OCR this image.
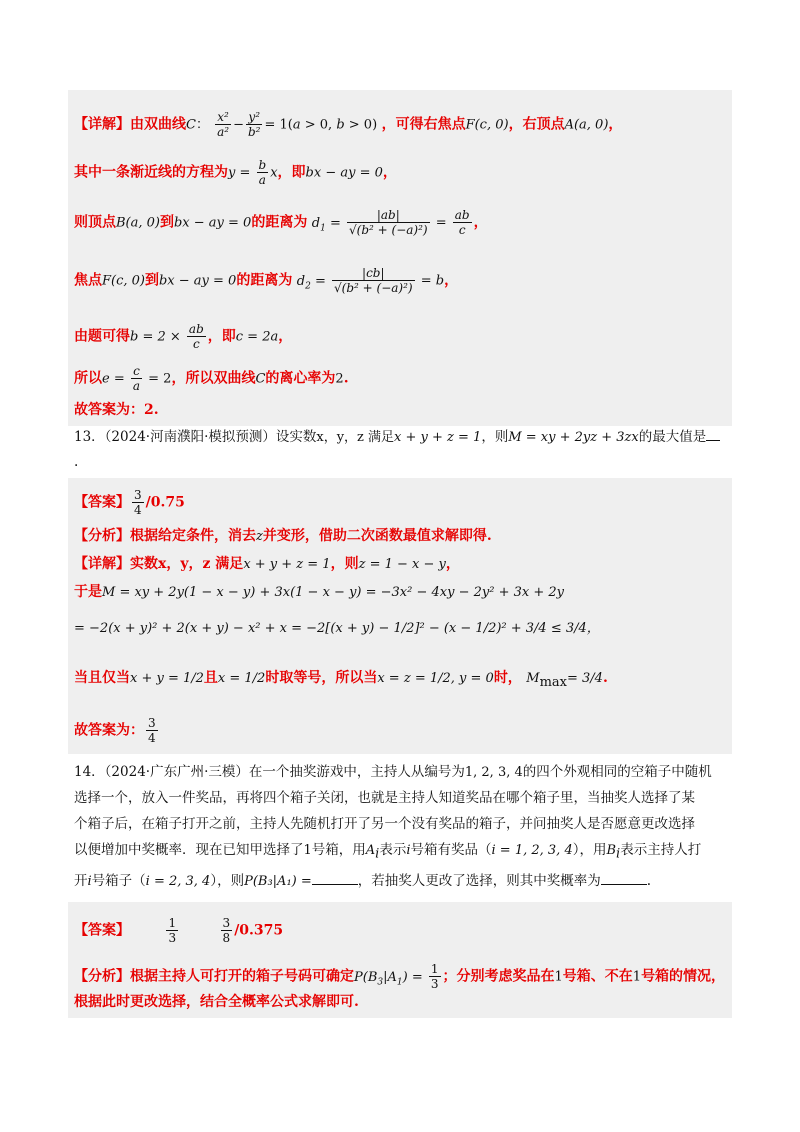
【详解】由双曲线C： $\frac{\text{x²}}{\text{a²}} - \frac{\text{y²}}{\text{b²}} = 1(a > 0$, b > 0) ，可得右焦点F(c, 0)，右顶点A(a, 0)，
其中一条渐近线的方程为$y = \frac{b}{a}$ x，即bx − ay = 0，
则顶点B(a, 0)到bx − ay = 0的距离为 $d_1 = \frac{|ab|}{\text{√(b² + (−a)²)}} = \frac{ab}{c}$ ，
焦点F(c, 0)到bx − ay = 0的距离为 $d_2 = \frac{|cb|}{\text{√(b² + (−a)²)}} = b$，
由题可得$b = 2 \times \frac{ab}{c}$ ，即c = 2a，
所以$e = \frac{c}{a} = 2$，所以双曲线C的离心率为2.
故答案为：2.
13．（2024·河南濮阳·模拟预测）设实数x，y，z 满足x + y + z = 1，则M = xy + 2yz + 3zx的最大值是
.
【答案】 $\frac{3}{4} /0.75$
【分析】根据给定条件，消去z并变形，借助二次函数最值求解即得.
【详解】实数x，y，z 满足x + y + z = 1，则z = 1 − x − y，
于是M = xy + 2y(1 − x − y) + 3x(1 − x − y) = −3x² − 4xy − 2y² + 3x + 2y
= −2(x + y)² + 2(x + y) − x² + x = −2[(x + y) − 1/2]² − (x − 1/2)² + 3/4 ≤ 3/4，
当且仅当x + y = 1/2且x = 1/2时取等号，所以当x = z = 1/2, y = 0时， $M_{max}= 3/4$.
故答案为： $\frac{3}{4}$
14．（2024·广东广州·三模）在一个抽奖游戏中，主持人从编号为1, 2, 3, 4的四个外观相同的空箱子中随机
选择一个，放入一件奖品，再将四个箱子关闭，也就是主持人知道奖品在哪个箱子里，当抽奖人选择了某
个箱子后，在箱子打开之前，主持人先随机打开了另一个没有奖品的箱子，并问抽奖人是否愿意更改选择
以便增加中奖概率．现在已知甲选择了1号箱，用$A_i$表示i号箱有奖品（i = 1, 2, 3, 4），用$B_i$表示主持人打
开i号箱子（i = 2, 3, 4），则P(B₃|A₁) =	，若抽奖人更改了选择，则其中奖概率为	.
【答案】	$\frac{1}{3}$
	$\frac{3}{8} /0.375$
【分析】根据主持人可打开的箱子号码可确定$P(B_3|A_1) = \frac{1}{3}$ ；分别考虑奖品在1号箱、不在1号箱的情况，
根据此时更改选择，结合全概率公式求解即可.
